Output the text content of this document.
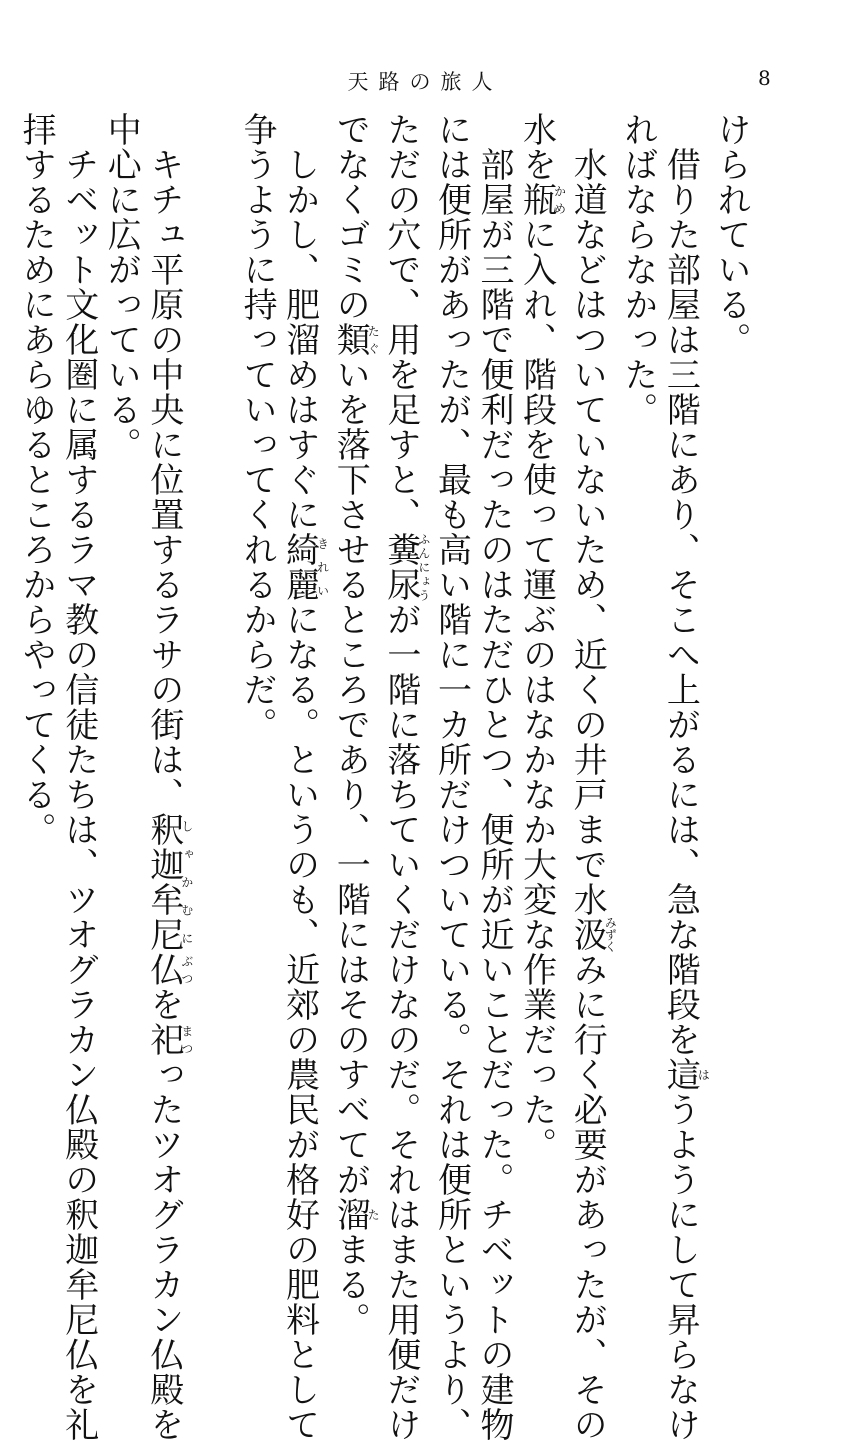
天路の旅人	8
けられている。
　借りた部屋は三階にあり、そこへ上がるには、急な階段を這はうようにして昇らなけ
ればならなかった。
　水道などはついていないため、近くの井戸まで水汲みずくみに行く必要があったが、その
水を瓶かめに入れ、階段を使って運ぶのはなかなか大変な作業だった。
　部屋が三階で便利だったのはただひとつ、便所が近いことだった。チベットの建物
には便所があったが、最も高い階に一カ所だけついている。それは便所というより、
ただの穴で、用を足すと、糞尿ふんにょうが一階に落ちていくだけなのだ。それはまた用便だけ
でなくゴミの類たぐいを落下させるところであり、一階にはそのすべてが溜たまる。
　しかし、肥溜めはすぐに綺麗きれいになる。というのも、近郊の農民が格好の肥料として
争うように持っていってくれるからだ。

　キチュ平原の中央に位置するラサの街は、釈迦牟尼しゃかむに仏ぶつを祀まつったツオグラカン仏殿を
中心に広がっている。
　チベット文化圏に属するラマ教の信徒たちは、ツオグラカン仏殿の釈迦牟尼仏を礼
拝するためにあらゆるところからやってくる。
